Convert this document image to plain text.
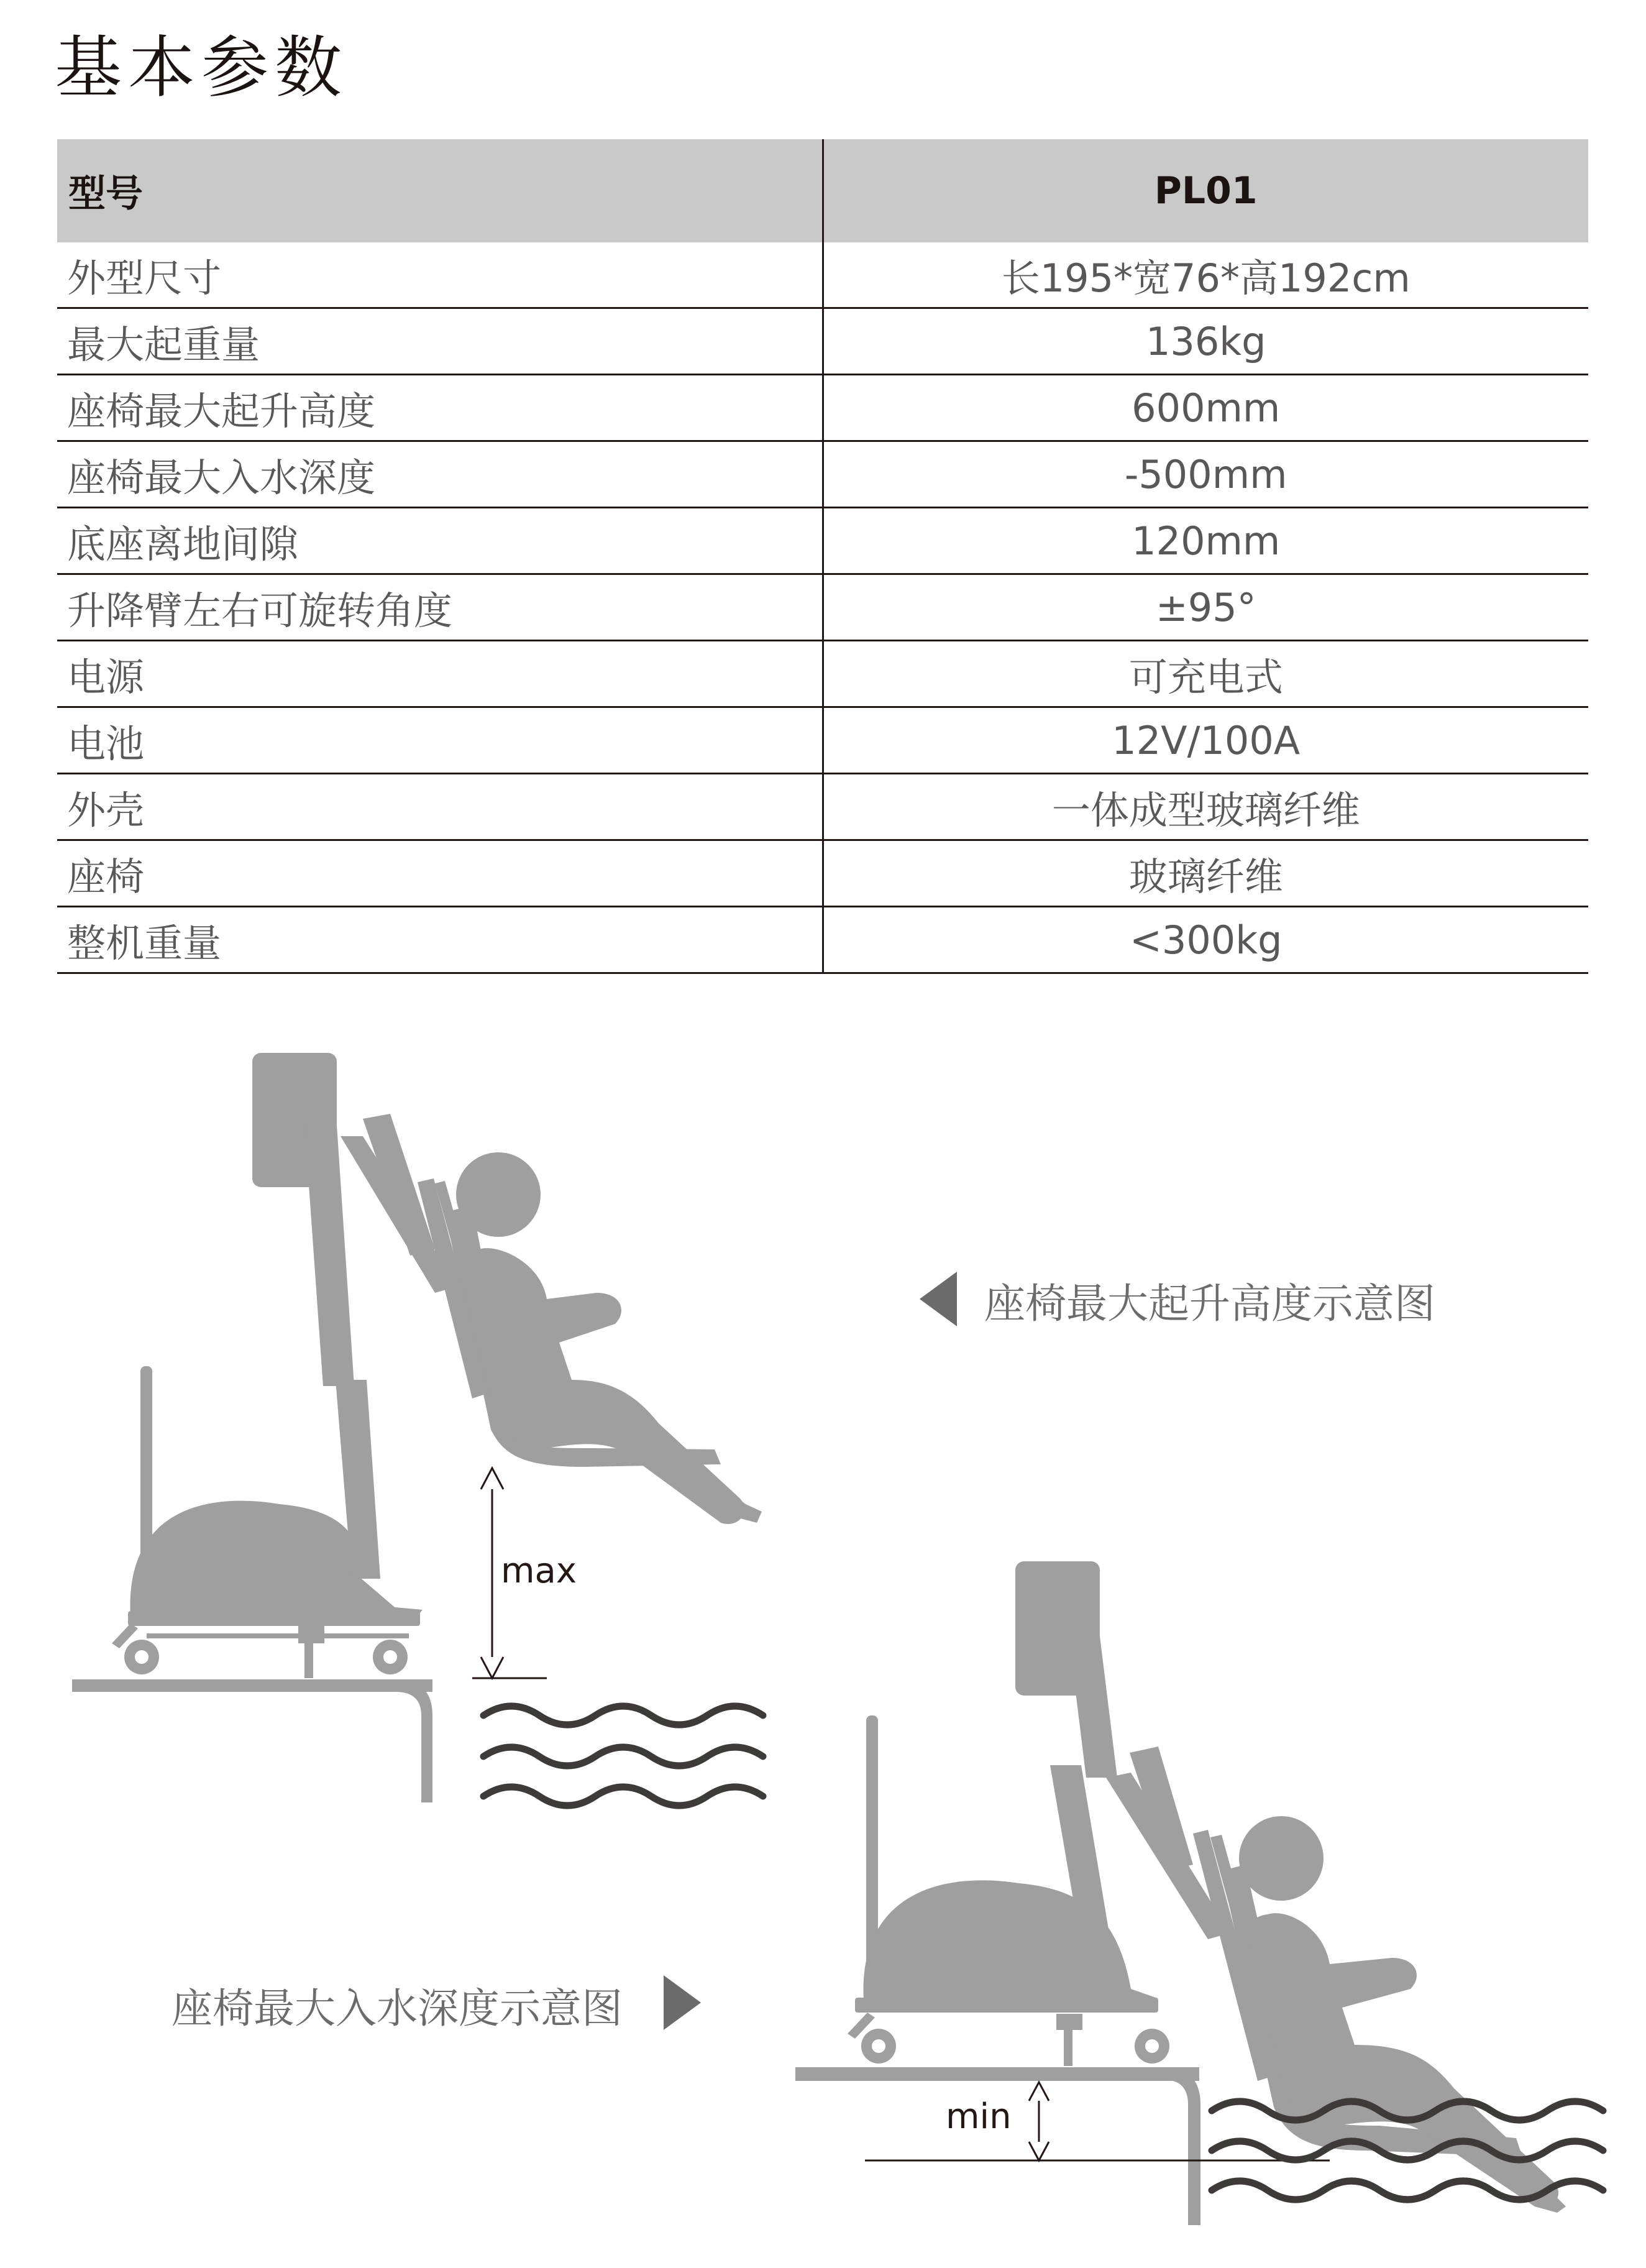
基本参数
型号	PL01
外型尺寸	长195*宽76*高192cm
最大起重量	136kg
座椅最大起升高度	600mm
座椅最大入水深度	-500mm
底座离地间隙	120mm
升降臂左右可旋转角度	±95°
电源	可充电式
电池	12V/100A
外壳	一体成型玻璃纤维
座椅	玻璃纤维
整机重量	<300kg
max
min
座椅最大起升高度示意图
座椅最大入水深度示意图
